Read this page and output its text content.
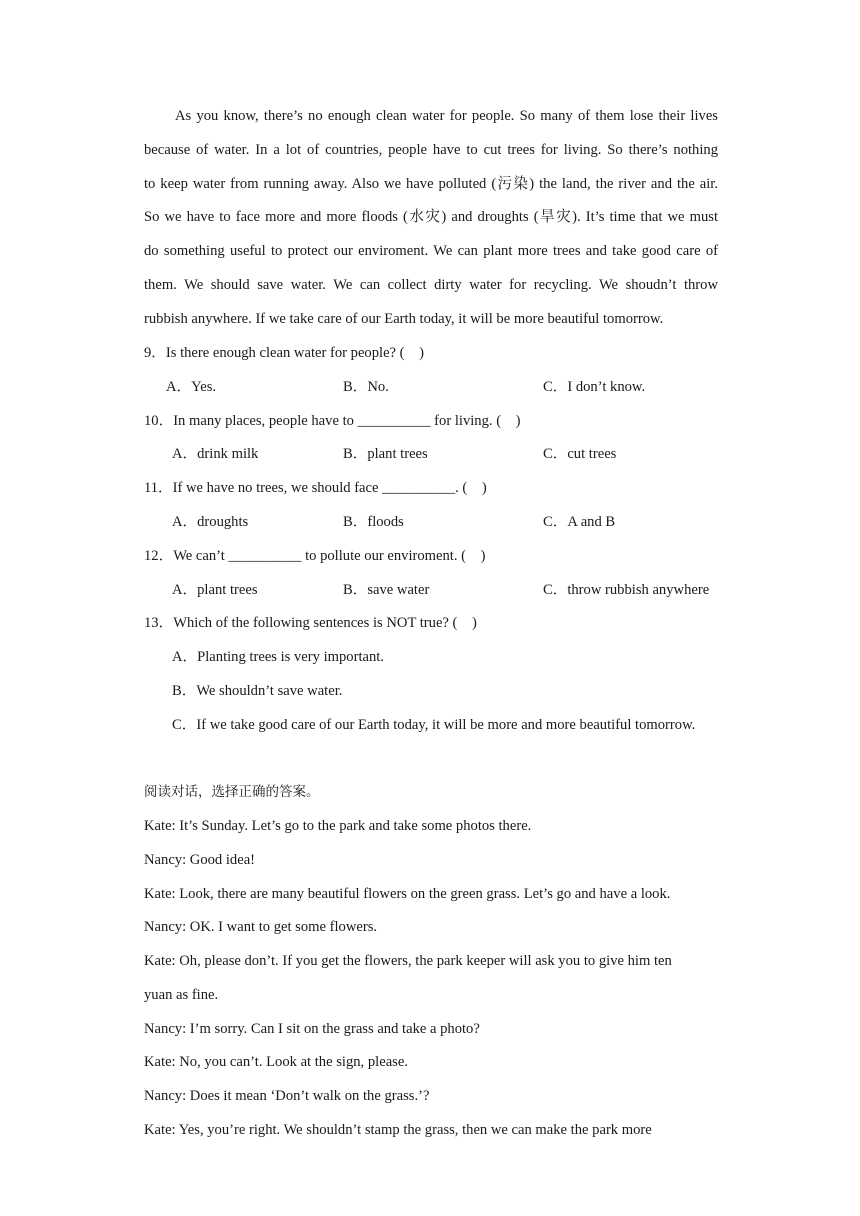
As you know, there’s no enough clean water for people. So many of them lose their lives
because of water. In a lot of countries, people have to cut trees for living. So there’s nothing
to keep water from running away. Also we have polluted (污染) the land, the river and the air.
So we have to face more and more floods (水灾) and droughts (旱灾). It’s time that we must
do something useful to protect our enviroment. We can plant more trees and take good care of
them. We should save water. We can collect dirty water for recycling. We shoudn’t throw
rubbish anywhere. If we take care of our Earth today, it will be more beautiful tomorrow.
9．Is there enough clean water for people? (　)
A．Yes.	B．No.	C．I don’t know.
10．In many places, people have to __________ for living. (　)
A．drink milk	B．plant trees	C．cut trees
11．If we have no trees, we should face __________. (　)
A．droughts	B．floods	C．A and B
12．We can’t __________ to pollute our enviroment. (　)
A．plant trees	B．save water	C．throw rubbish anywhere
13．Which of the following sentences is NOT true? (　)
A．Planting trees is very important.
B．We shouldn’t save water.
C．If we take good care of our Earth today, it will be more and more beautiful tomorrow.
阅读对话，选择正确的答案。
Kate: It’s Sunday. Let’s go to the park and take some photos there.
Nancy: Good idea!
Kate: Look, there are many beautiful flowers on the green grass. Let’s go and have a look.
Nancy: OK. I want to get some flowers.
Kate: Oh, please don’t. If you get the flowers, the park keeper will ask you to give him ten
yuan as fine.
Nancy: I’m sorry. Can I sit on the grass and take a photo?
Kate: No, you can’t. Look at the sign, please.
Nancy: Does it mean ‘Don’t walk on the grass.’?
Kate: Yes, you’re right. We shouldn’t stamp the grass, then we can make the park more
